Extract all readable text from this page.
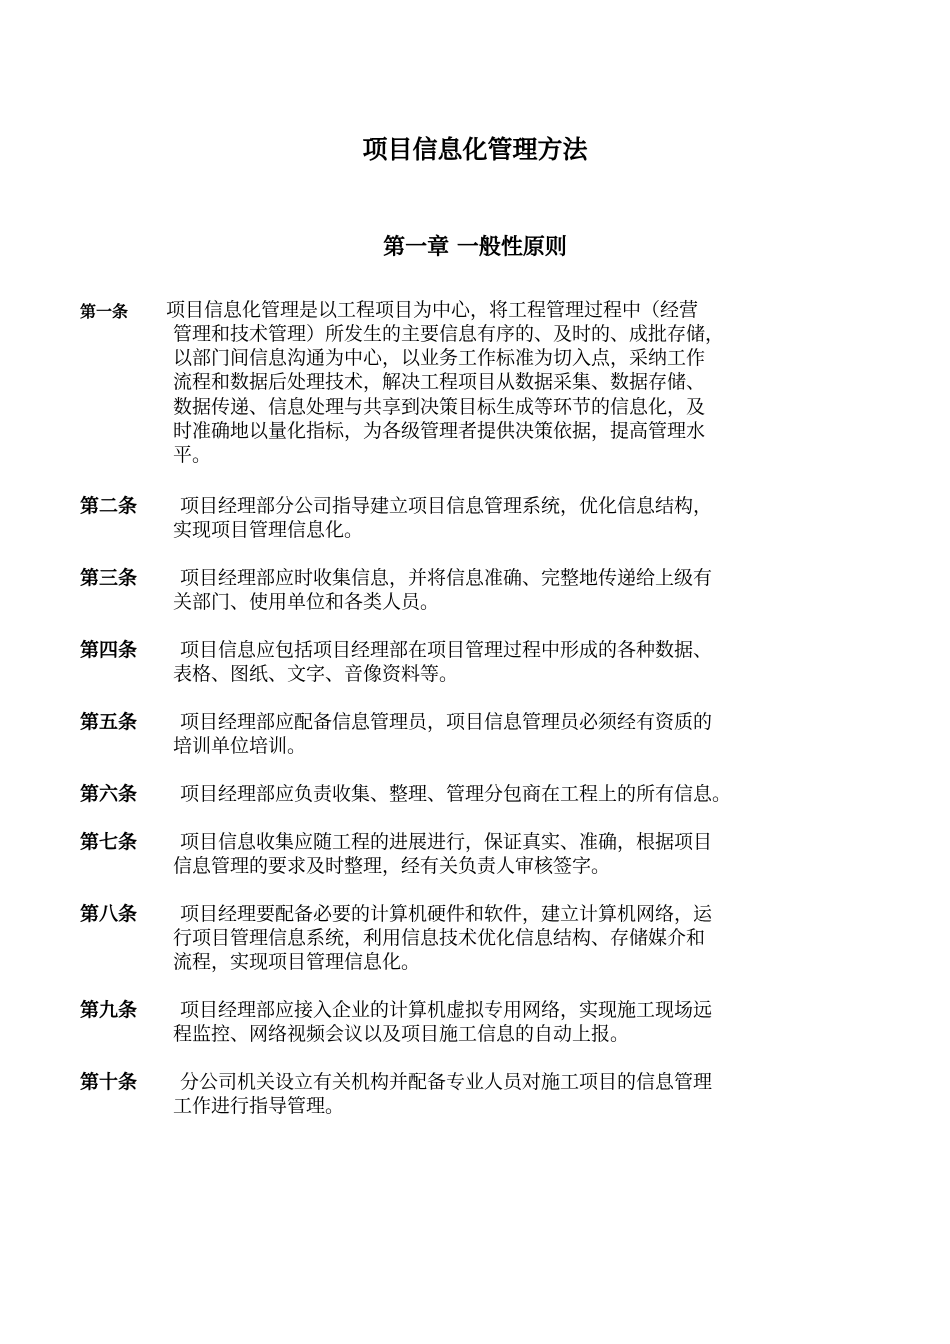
项目信息化管理方法
第一章 一般性原则
第一条 项目信息化管理是以工程项目为中心，将工程管理过程中（经营
管理和技术管理）所发生的主要信息有序的、及时的、成批存储，
以部门间信息沟通为中心，以业务工作标准为切入点，采纳工作
流程和数据后处理技术，解决工程项目从数据采集、数据存储、
数据传递、信息处理与共享到决策目标生成等环节的信息化，及
时准确地以量化指标，为各级管理者提供决策依据，提高管理水
平。
第二条 项目经理部分公司指导建立项目信息管理系统，优化信息结构，
实现项目管理信息化。
第三条 项目经理部应时收集信息，并将信息准确、完整地传递给上级有
关部门、使用单位和各类人员。
第四条 项目信息应包括项目经理部在项目管理过程中形成的各种数据、
表格、图纸、文字、音像资料等。
第五条 项目经理部应配备信息管理员，项目信息管理员必须经有资质的
培训单位培训。
第六条 项目经理部应负责收集、整理、管理分包商在工程上的所有信息。
第七条 项目信息收集应随工程的进展进行，保证真实、准确，根据项目
信息管理的要求及时整理，经有关负责人审核签字。
第八条 项目经理要配备必要的计算机硬件和软件，建立计算机网络，运
行项目管理信息系统，利用信息技术优化信息结构、存储媒介和
流程，实现项目管理信息化。
第九条 项目经理部应接入企业的计算机虚拟专用网络，实现施工现场远
程监控、网络视频会议以及项目施工信息的自动上报。
第十条 分公司机关设立有关机构并配备专业人员对施工项目的信息管理
工作进行指导管理。
